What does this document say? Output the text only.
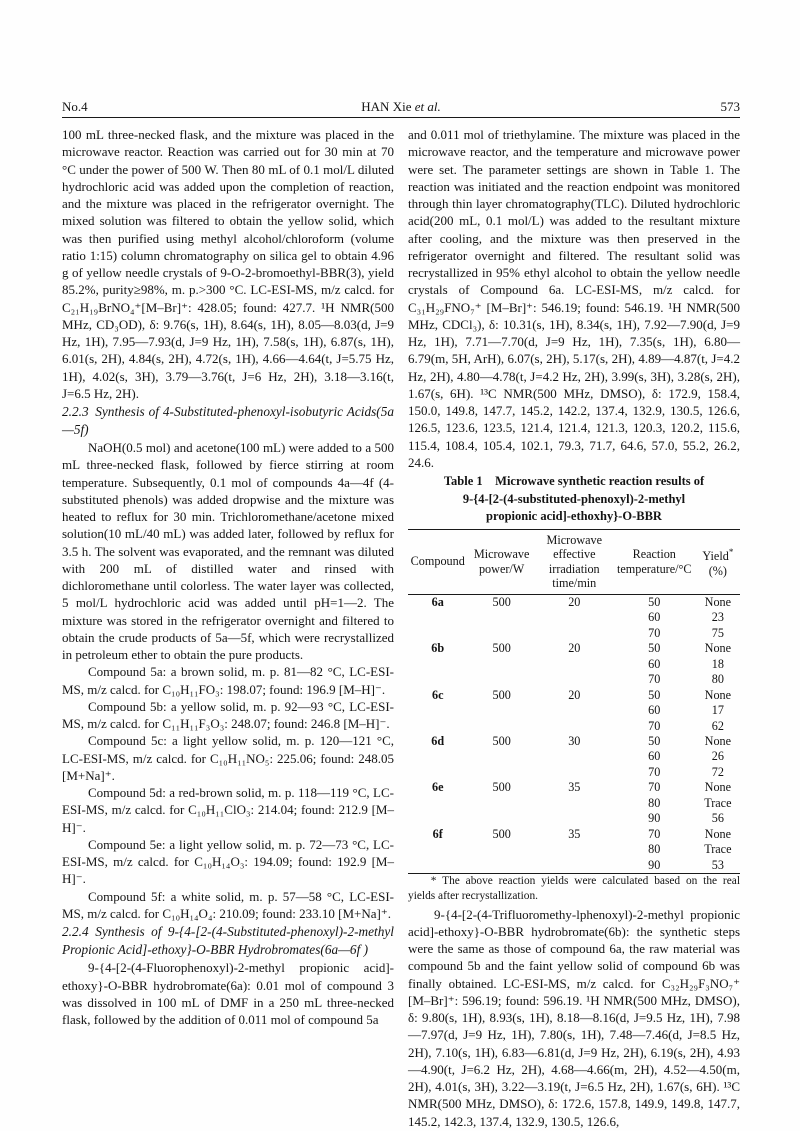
No.4	HAN Xie et al.	573

100 mL three-necked flask, and the mixture was placed in the microwave reactor. Reaction was carried out for 30 min at 70 °C under the power of 500 W. Then 80 mL of 0.1 mol/L diluted hydrochloric acid was added upon the completion of reaction, and the mixture was placed in the refrigerator overnight. The mixed solution was filtered to obtain the yellow solid, which was then purified using methyl alcohol/chloroform (volume ratio 1:15) column chromatography on silica gel to obtain 4.96 g of yellow needle crystals of 9-O-2-bromoethyl-BBR(3), yield 85.2%, purity≥98%, m. p.>300 °C. LC-ESI-MS, m/z calcd. for C₂₁H₁₉BrNO₄⁺[M–Br]⁺: 428.05; found: 427.7. ¹H NMR(500 MHz, CD₃OD), δ: 9.76(s, 1H), 8.64(s, 1H), 8.05—8.03(d, J=9 Hz, 1H), 7.95—7.93(d, J=9 Hz, 1H), 7.58(s, 1H), 6.87(s, 1H), 6.01(s, 2H), 4.84(s, 2H), 4.72(s, 1H), 4.66—4.64(t, J=5.75 Hz, 1H), 4.02(s, 3H), 3.79—3.76(t, J=6 Hz, 2H), 3.18—3.16(t, J=6.5 Hz, 2H).

2.2.3 Synthesis of 4-Substituted-phenoxyl-isobutyric Acids(5a—5f)

NaOH(0.5 mol) and acetone(100 mL) were added to a 500 mL three-necked flask, followed by fierce stirring at room temperature. Subsequently, 0.1 mol of compounds 4a—4f (4-substituted phenols) was added dropwise and the mixture was heated to reflux for 30 min. Trichloromethane/acetone mixed solution(10 mL/40 mL) was added later, followed by reflux for 3.5 h. The solvent was evaporated, and the remnant was diluted with 200 mL of distilled water and rinsed with dichloromethane until colorless. The water layer was collected, 5 mol/L hydrochloric acid was added until pH=1—2. The mixture was stored in the refrigerator overnight and filtered to obtain the crude products of 5a—5f, which were recrystallized in petroleum ether to obtain the pure products.

Compound 5a: a brown solid, m. p. 81—82 °C, LC-ESI-MS, m/z calcd. for C₁₀H₁₁FO₃: 198.07; found: 196.9 [M–H]⁻.

Compound 5b: a yellow solid, m. p. 92—93 °C, LC-ESI-MS, m/z calcd. for C₁₁H₁₁F₃O₃: 248.07; found: 246.8 [M–H]⁻.

Compound 5c: a light yellow solid, m. p. 120—121 °C, LC-ESI-MS, m/z calcd. for C₁₀H₁₁NO₅: 225.06; found: 248.05 [M+Na]⁺.

Compound 5d: a red-brown solid, m. p. 118—119 °C, LC-ESI-MS, m/z calcd. for C₁₀H₁₁ClO₃: 214.04; found: 212.9 [M–H]⁻.

Compound 5e: a light yellow solid, m. p. 72—73 °C, LC-ESI-MS, m/z calcd. for C₁₀H₁₄O₃: 194.09; found: 192.9 [M–H]⁻.

Compound 5f: a white solid, m. p. 57—58 °C, LC-ESI-MS, m/z calcd. for C₁₀H₁₄O₄: 210.09; found: 233.10 [M+Na]⁺.

2.2.4 Synthesis of 9-{4-[2-(4-Substituted-phenoxyl)-2-methyl Propionic Acid]-ethoxy}-O-BBR Hydrobromates(6a—6f )

9-{4-[2-(4-Fluorophenoxyl)-2-methyl propionic acid]-ethoxy}-O-BBR hydrobromate(6a): 0.01 mol of compound 3 was dissolved in 100 mL of DMF in a 250 mL three-necked flask, followed by the addition of 0.011 mol of compound 5a

and 0.011 mol of triethylamine. The mixture was placed in the microwave reactor, and the temperature and microwave power were set. The parameter settings are shown in Table 1. The reaction was initiated and the reaction endpoint was monitored through thin layer chromatography(TLC). Diluted hydrochloric acid(200 mL, 0.1 mol/L) was added to the resultant mixture after cooling, and the mixture was then preserved in the refrigerator overnight and filtered. The resultant solid was recrystallized in 95% ethyl alcohol to obtain the yellow needle crystals of Compound 6a. LC-ESI-MS, m/z calcd. for C₃₁H₂₉FNO₇⁺ [M–Br]⁺: 546.19; found: 546.19. ¹H NMR(500 MHz, CDCl₃), δ: 10.31(s, 1H), 8.34(s, 1H), 7.92—7.90(d, J=9 Hz, 1H), 7.71—7.70(d, J=9 Hz, 1H), 7.35(s, 1H), 6.80—6.79(m, 5H, ArH), 6.07(s, 2H), 5.17(s, 2H), 4.89—4.87(t, J=4.2 Hz, 2H), 4.80—4.78(t, J=4.2 Hz, 2H), 3.99(s, 3H), 3.28(s, 2H), 1.67(s, 6H). ¹³C NMR(500 MHz, DMSO), δ: 172.9, 158.4, 150.0, 149.8, 147.7, 145.2, 142.2, 137.4, 132.9, 130.5, 126.6, 126.5, 123.6, 123.5, 121.4, 121.4, 121.3, 120.3, 120.2, 115.6, 115.4, 108.4, 105.4, 102.1, 79.3, 71.7, 64.6, 57.0, 55.2, 26.2, 24.6.

Table 1 Microwave synthetic reaction results of
9-{4-[2-(4-substituted-phenoxyl)-2-methyl
propionic acid]-ethoxhy}-O-BBR
Compound	Microwave power/W	Microwave effective irradiation time/min	Reaction temperature/°C	Yield*(%)
6a	500	20	50	None
			60	23
			70	75
6b	500	20	50	None
			60	18
			70	80
6c	500	20	50	None
			60	17
			70	62
6d	500	30	50	None
			60	26
			70	72
6e	500	35	70	None
			80	Trace
			90	56
6f	500	35	70	None
			80	Trace
			90	53

* The above reaction yields were calculated based on the real yields after recrystallization.

9-{4-[2-(4-Trifluoromethy-lphenoxyl)-2-methyl propionic acid]-ethoxy}-O-BBR hydrobromate(6b): the synthetic steps were the same as those of compound 6a, the raw material was compound 5b and the faint yellow solid of compound 6b was finally obtained. LC-ESI-MS, m/z calcd. for C₃₂H₂₉F₃NO₇⁺ [M–Br]⁺: 596.19; found: 596.19. ¹H NMR(500 MHz, DMSO), δ: 9.80(s, 1H), 8.93(s, 1H), 8.18—8.16(d, J=9.5 Hz, 1H), 7.98—7.97(d, J=9 Hz, 1H), 7.80(s, 1H), 7.48—7.46(d, J=8.5 Hz, 2H), 7.10(s, 1H), 6.83—6.81(d, J=9 Hz, 2H), 6.19(s, 2H), 4.93—4.90(t, J=6.2 Hz, 2H), 4.68—4.66(m, 2H), 4.52—4.50(m, 2H), 4.01(s, 3H), 3.22—3.19(t, J=6.5 Hz, 2H), 1.67(s, 6H). ¹³C NMR(500 MHz, DMSO), δ: 172.6, 157.8, 149.9, 149.8, 147.7, 145.2, 142.3, 137.4, 132.9, 130.5, 126.6,
